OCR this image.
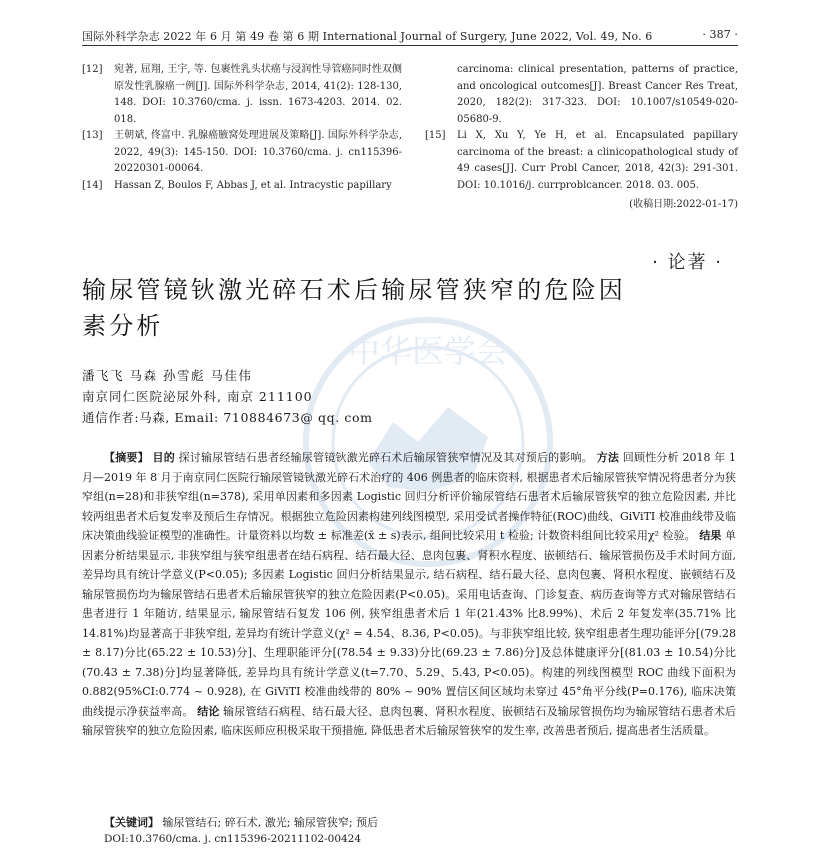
国际外科学杂志 2022 年 6 月 第 49 卷 第 6 期 International Journal of Surgery, June 2022, Vol. 49, No. 6	· 387 ·
[12]	宛著, 屈翔, 王宇, 等. 包裹性乳头状癌与浸润性导管癌同时性双侧原发性乳腺癌一例[J]. 国际外科学杂志, 2014, 41(2): 128-130, 148. DOI: 10.3760/cma. j. issn. 1673-4203. 2014. 02. 018.
[13]	王朝斌, 佟富中. 乳腺癌腋窝处理进展及策略[J]. 国际外科学杂志, 2022, 49(3): 145-150. DOI: 10.3760/cma. j. cn115396-20220301-00064.
[14]	Hassan Z, Boulos F, Abbas J, et al. Intracystic papillary
carcinoma: clinical presentation, patterns of practice, and oncological outcomes[J]. Breast Cancer Res Treat, 2020, 182(2): 317-323. DOI: 10.1007/s10549-020-05680-9.
[15]	Li X, Xu Y, Ye H, et al. Encapsulated papillary carcinoma of the breast: a clinicopathological study of 49 cases[J]. Curr Probl Cancer, 2018, 42(3): 291-301. DOI: 10.1016/j. currproblcancer. 2018. 03. 005.
(收稿日期:2022-01-17)
中华医学会
· 论著 ·
输尿管镜钬激光碎石术后输尿管狭窄的危险因素分析
潘飞飞 马森 孙雪彪 马佳伟
南京同仁医院泌尿外科, 南京 211100
通信作者:马森, Email: 710884673@ qq. com
【摘要】 目的 探讨输尿管结石患者经输尿管镜钬激光碎石术后输尿管狭窄情况及其对预后的影响。 方法 回顾性分析 2018 年 1 月—2019 年 8 月于南京同仁医院行输尿管镜钬激光碎石术治疗的 406 例患者的临床资料, 根据患者术后输尿管狭窄情况将患者分为狭窄组(n=28)和非狭窄组(n=378), 采用单因素和多因素 Logistic 回归分析评价输尿管结石患者术后输尿管狭窄的独立危险因素, 并比较两组患者术后复发率及预后生存情况。根据独立危险因素构建列线图模型, 采用受试者操作特征(ROC)曲线、GiViTI 校准曲线带及临床决策曲线验证模型的准确性。计量资料以均数 ± 标准差(x̄ ± s)表示, 组间比较采用 t 检验; 计数资料组间比较采用χ² 检验。 结果 单因素分析结果显示, 非狭窄组与狭窄组患者在结石病程、结石最大径、息肉包裹、肾积水程度、嵌顿结石、输尿管损伤及手术时间方面, 差异均具有统计学意义(P<0.05); 多因素 Logistic 回归分析结果显示, 结石病程、结石最大径、息肉包裹、肾积水程度、嵌顿结石及输尿管损伤均为输尿管结石患者术后输尿管狭窄的独立危险因素(P<0.05)。采用电话查询、门诊复查、病历查询等方式对输尿管结石患者进行 1 年随访, 结果显示, 输尿管结石复发 106 例, 狭窄组患者术后 1 年(21.43% 比8.99%)、术后 2 年复发率(35.71% 比 14.81%)均显著高于非狭窄组, 差异均有统计学意义(χ² = 4.54、8.36, P<0.05)。与非狭窄组比较, 狭窄组患者生理功能评分[(79.28 ± 8.17)分比(65.22 ± 10.53)分]、生理职能评分[(78.54 ± 9.33)分比(69.23 ± 7.86)分]及总体健康评分[(81.03 ± 10.54)分比(70.43 ± 7.38)分]均显著降低, 差异均具有统计学意义(t=7.70、5.29、5.43, P<0.05)。构建的列线图模型 ROC 曲线下面积为0.882(95%CI:0.774 ~ 0.928), 在 GiViTI 校准曲线带的 80% ~ 90% 置信区间区域均未穿过 45°角平分线(P=0.176), 临床决策曲线提示净获益率高。 结论 输尿管结石病程、结石最大径、息肉包裹、肾积水程度、嵌顿结石及输尿管损伤均为输尿管结石患者术后输尿管狭窄的独立危险因素, 临床医师应积极采取干预措施, 降低患者术后输尿管狭窄的发生率, 改善患者预后, 提高患者生活质量。
【关键词】 输尿管结石; 碎石术, 激光; 输尿管狭窄; 预后
DOI:10.3760/cma. j. cn115396-20211102-00424
